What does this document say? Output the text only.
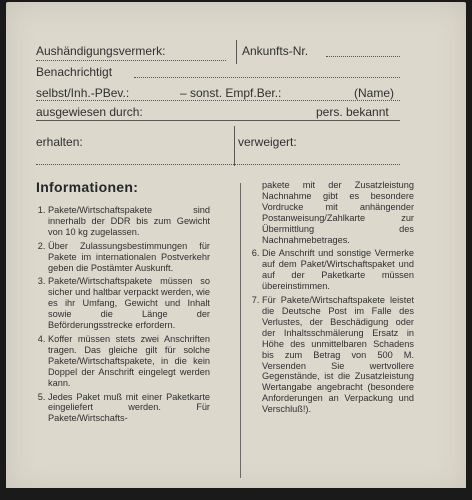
Aushändigungsvermerk:	Ankunfts-Nr.
Benachrichtigt
selbst/Inh.-PBev.:	– sonst. Empf.Ber.:	(Name)
ausgewiesen durch:	pers. bekannt
erhalten:	verweigert:
Informationen:
1. Pakete/Wirtschaftspakete sind innerhalb der DDR bis zum Gewicht von 10 kg zugelassen.
2. Über Zulassungsbestimmungen für Pakete im internationalen Postverkehr geben die Postämter Auskunft.
3. Pakete/Wirtschaftspakete müssen so sicher und haltbar verpackt werden, wie es ihr Umfang, Gewicht und Inhalt sowie die Länge der Beförderungsstrecke erfordern.
4. Koffer müssen stets zwei Anschriften tragen. Das gleiche gilt für solche Pakete/Wirtschaftspakete, in die kein Doppel der Anschrift eingelegt werden kann.
5. Jedes Paket muß mit einer Paketkarte eingeliefert werden. Für Pakete/Wirtschafts-
pakete mit der Zusatzleistung Nachnahme gibt es besondere Vordrucke mit anhängender Postanweisung/Zahlkarte zur Übermittlung des Nachnahmebetrages.
6. Die Anschrift und sonstige Vermerke auf dem Paket/Wirtschaftspaket und auf der Paketkarte müssen übereinstimmen.
7. Für Pakete/Wirtschaftspakete leistet die Deutsche Post im Falle des Verlustes, der Beschädigung oder der Inhaltsschmälerung Ersatz in Höhe des unmittelbaren Schadens bis zum Betrag von 500 M. Versenden Sie wertvollere Gegenstände, ist die Zusatzleistung Wertangabe angebracht (besondere Anforderungen an Verpackung und Verschluß!).
